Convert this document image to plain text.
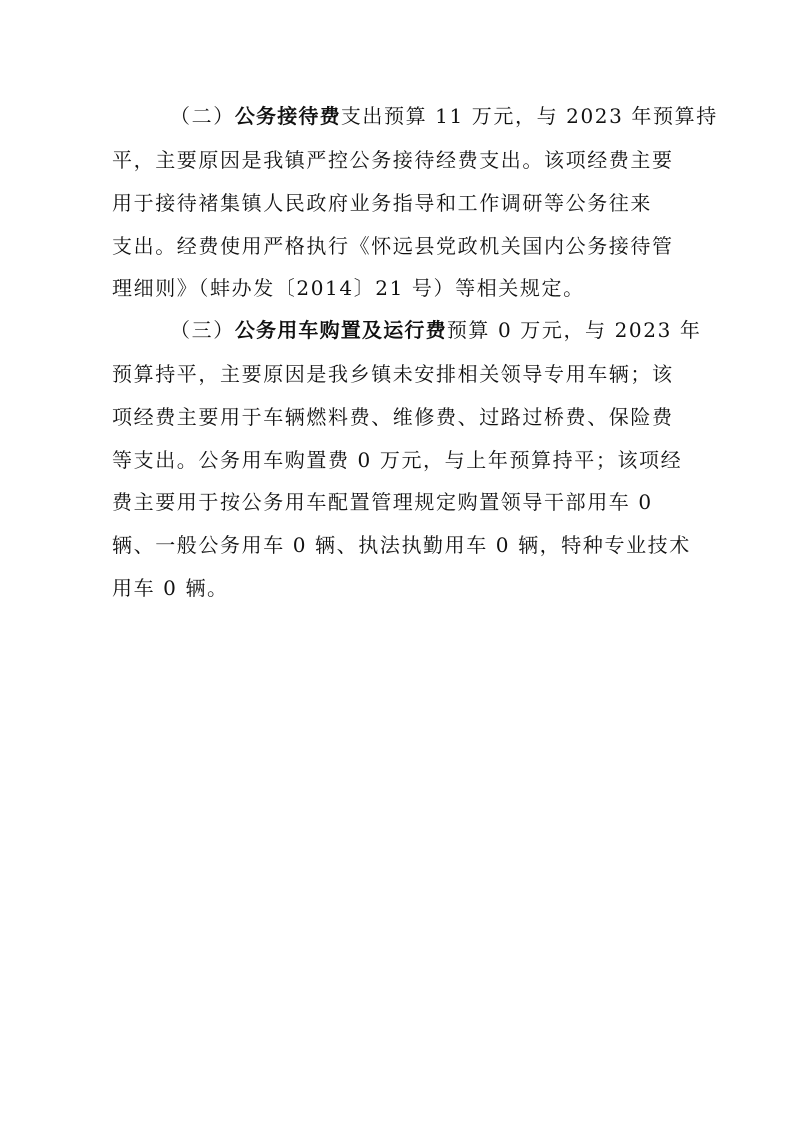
（二）公务接待费支出预算 11 万元，与 2023 年预算持
平，主要原因是我镇严控公务接待经费支出。该项经费主要
用于接待褚集镇人民政府业务指导和工作调研等公务往来
支出。经费使用严格执行《怀远县党政机关国内公务接待管
理细则》（蚌办发〔2014〕21 号）等相关规定。
（三）公务用车购置及运行费预算 0 万元，与 2023 年
预算持平，主要原因是我乡镇未安排相关领导专用车辆；该
项经费主要用于车辆燃料费、维修费、过路过桥费、保险费
等支出。公务用车购置费 0 万元，与上年预算持平；该项经
费主要用于按公务用车配置管理规定购置领导干部用车 0
辆、一般公务用车 0 辆、执法执勤用车 0 辆，特种专业技术
用车 0 辆。
